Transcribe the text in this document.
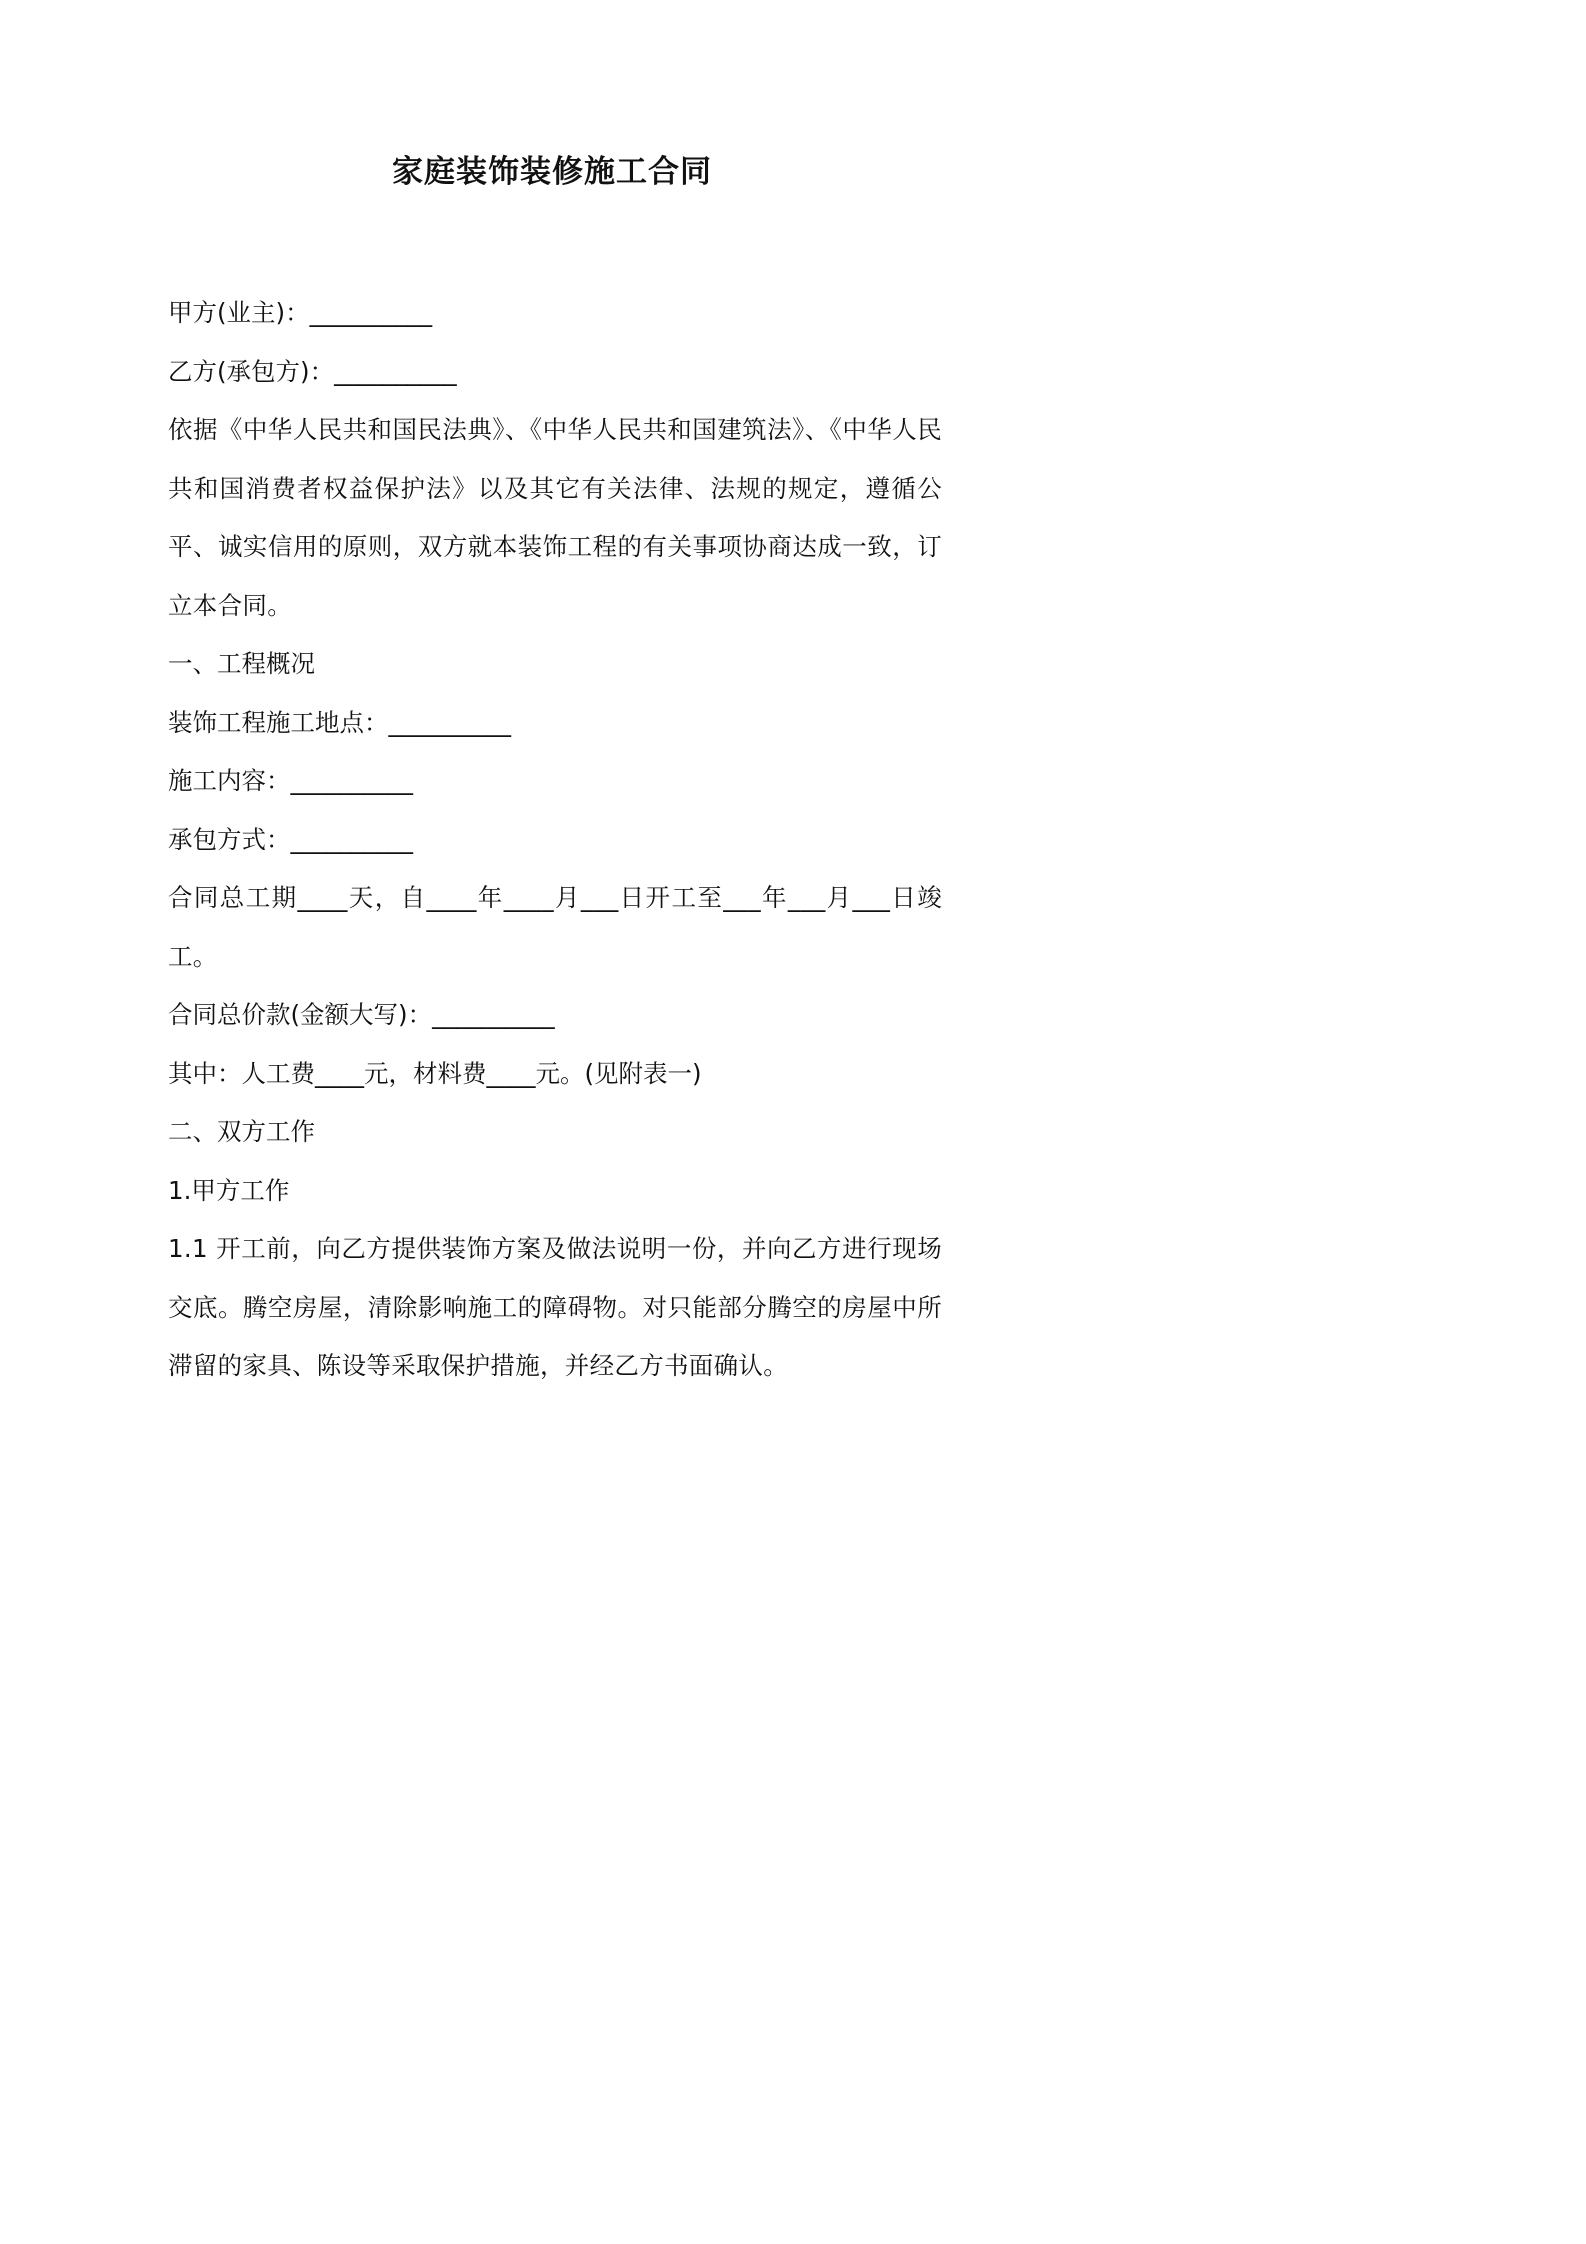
家庭装饰装修施工合同
甲方(业主)：__________
乙方(承包方)：__________
依据《中华人民共和国民法典》、《中华人民共和国建筑法》、《中华人民共和国消费者权益保护法》以及其它有关法律、法规的规定，遵循公平、诚实信用的原则，双方就本装饰工程的有关事项协商达成一致，订立本合同。
一、工程概况
装饰工程施工地点：__________
施工内容：__________
承包方式：__________
合同总工期____天，自____年____月___日开工至___年___月___日竣工。
合同总价款(金额大写)：__________
其中：人工费____元，材料费____元。(见附表一)
二、双方工作
1.甲方工作
1.1 开工前，向乙方提供装饰方案及做法说明一份，并向乙方进行现场交底。腾空房屋，清除影响施工的障碍物。对只能部分腾空的房屋中所滞留的家具、陈设等采取保护措施，并经乙方书面确认。
